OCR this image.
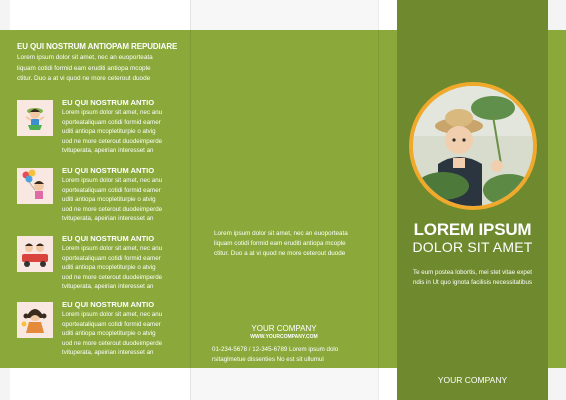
EU QUI NOSTRUM ANTIOPAM REPUDIARE
Lorem ipsum dolor sit amet, nec an euoporteata
liquam cotidi formid eam eruditi antiopa mcople
ctitur. Duo a at vi quod ne more ceterout duode
EU QUI NOSTRUM ANTIO
Lorem ipsum dolor sit amet, nec anu
oporteataliquam cotidi formid eamer
uditi antiopa mcopletiturpie o atvig
uod ne more ceterout duodeimperde
tvituperata, apeirian interesset an
EU QUI NOSTRUM ANTIO
Lorem ipsum dolor sit amet, nec anu
oporteataliquam cotidi formid eamer
uditi antiopa mcopletiturpie o atvig
uod ne more ceterout duodeimperde
tvituperata, apeirian interesset an
EU QUI NOSTRUM ANTIO
Lorem ipsum dolor sit amet, nec anu
oporteataliquam cotidi formid eamer
uditi antiopa mcopletiturpie o atvig
uod ne more ceterout duodeimperde
tvituperata, apeirian interesset an
EU QUI NOSTRUM ANTIO
Lorem ipsum dolor sit amet, nec anu
oporteataliquam cotidi formid eamer
uditi antiopa mcopletiturpie o atvig
uod ne more ceterout duodeimperde
tvituperata, apeirian interesset an
Lorem ipsum dolor sit amet, nec an euoporteata
liquam cotidi formid eam eruditi antiopa mcople
ctitur. Duo a at vi quod ne more ceterout duode
YOUR COMPANY
WWW.YOURCOMPANY.COM
01-234-5678 / 12-345-6789 Lorem ipsum dolo
rsitaglmetue dissenties No est sit ullumul
LOREM IPSUM
DOLOR SIT AMET
Te eum postea lobortis, mei stet vitae expet
ndis in Ut quo ignota facilisis necessitatibus
YOUR COMPANY
